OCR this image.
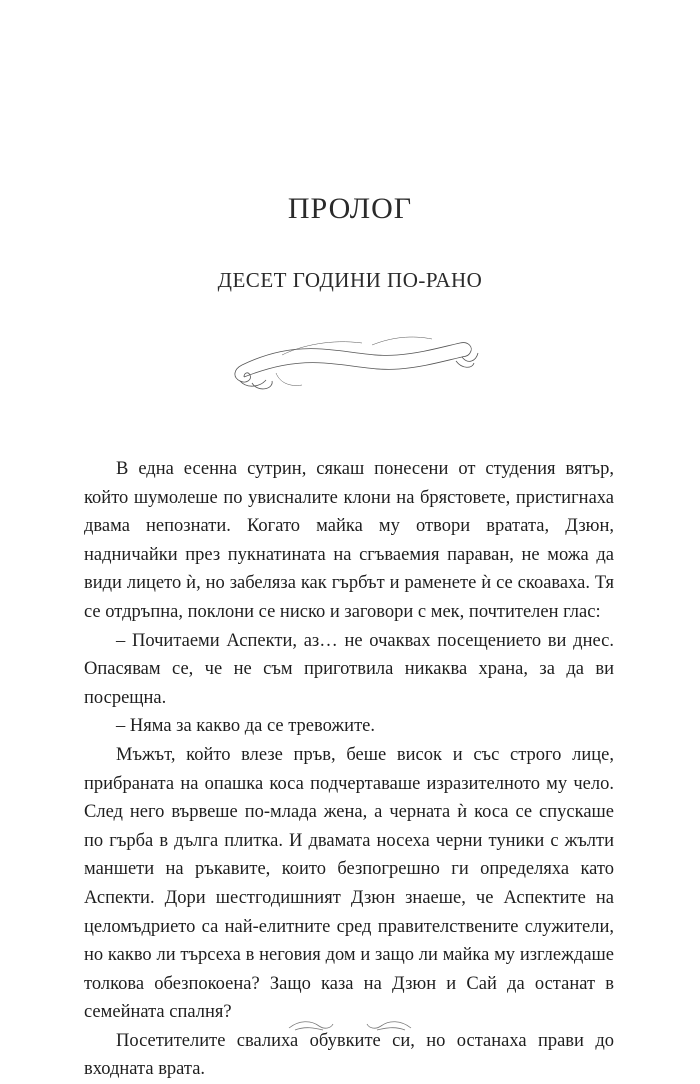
ПРОЛОГ
ДЕСЕТ ГОДИНИ ПО-РАНО

В една есенна сутрин, сякаш понесени от студения вятър, който шумолеше по увисналите клони на брястовете, пристигнаха двама непознати. Когато майка му отвори вратата, Дзюн, надничайки през пукнатината на сгъваемия параван, не можа да види лицето ѝ, но забеляза как гърбът и раменете ѝ се скоаваха. Тя се отдръпна, поклони се ниско и заговори с мек, почтителен глас:

– Почитаеми Аспекти, аз… не очаквах посещението ви днес. Опасявам се, че не съм приготвила никаква храна, за да ви посрещна.

– Няма за какво да се тревожите.

Мъжът, който влезе пръв, беше висок и със строго лице, прибраната на опашка коса подчертаваше изразителното му чело. След него вървеше по-млада жена, а черната ѝ коса се спускаше по гърба в дълга плитка. И двамата носеха черни туники с жълти маншети на ръкавите, които безпогрешно ги определяха като Аспекти. Дори шестгодишният Дзюн знаеше, че Аспектите на целомъдрието са най-елитните сред правителствените служители, но какво ли търсеха в неговия дом и защо ли майка му изглеждаше толкова обезпокоена? Защо каза на Дзюн и Сай да останат в семейната спалня?

Посетителите свалиха обувките си, но останаха прави до входната врата.
